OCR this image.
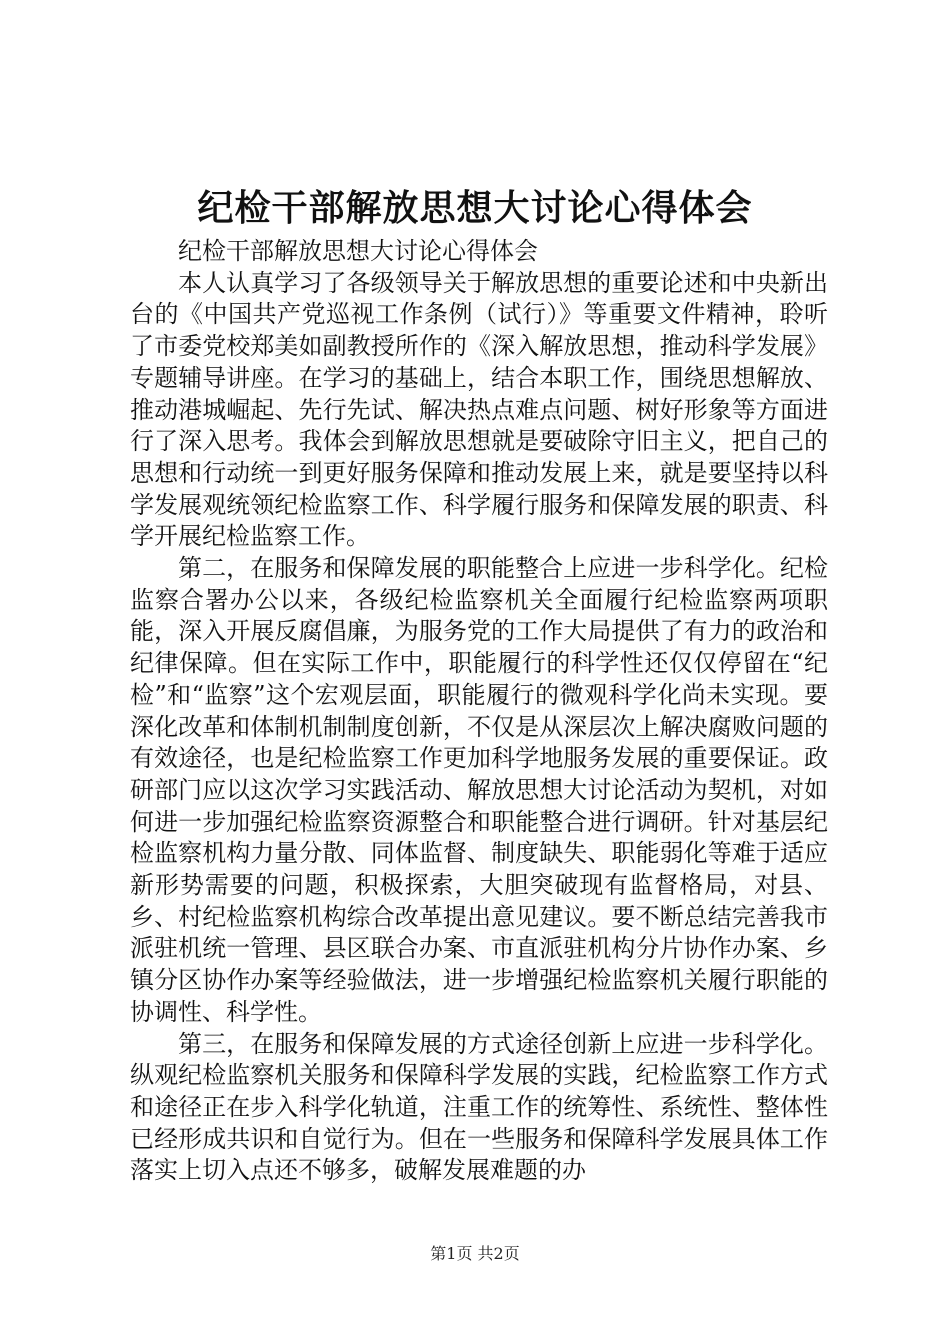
纪检干部解放思想大讨论心得体会

纪检干部解放思想大讨论心得体会

本人认真学习了各级领导关于解放思想的重要论述和中央新出台的《中国共产党巡视工作条例（试行）》等重要文件精神，聆听了市委党校郑美如副教授所作的《深入解放思想，推动科学发展》专题辅导讲座。在学习的基础上，结合本职工作，围绕思想解放、推动港城崛起、先行先试、解决热点难点问题、树好形象等方面进行了深入思考。我体会到解放思想就是要破除守旧主义，把自己的思想和行动统一到更好服务保障和推动发展上来，就是要坚持以科学发展观统领纪检监察工作、科学履行服务和保障发展的职责、科学开展纪检监察工作。

第二，在服务和保障发展的职能整合上应进一步科学化。纪检监察合署办公以来，各级纪检监察机关全面履行纪检监察两项职能，深入开展反腐倡廉，为服务党的工作大局提供了有力的政治和纪律保障。但在实际工作中，职能履行的科学性还仅仅停留在“纪检”和“监察”这个宏观层面，职能履行的微观科学化尚未实现。要深化改革和体制机制制度创新，不仅是从深层次上解决腐败问题的有效途径，也是纪检监察工作更加科学地服务发展的重要保证。政研部门应以这次学习实践活动、解放思想大讨论活动为契机，对如何进一步加强纪检监察资源整合和职能整合进行调研。针对基层纪检监察机构力量分散、同体监督、制度缺失、职能弱化等难于适应新形势需要的问题，积极探索，大胆突破现有监督格局，对县、乡、村纪检监察机构综合改革提出意见建议。要不断总结完善我市派驻机统一管理、县区联合办案、市直派驻机构分片协作办案、乡镇分区协作办案等经验做法，进一步增强纪检监察机关履行职能的协调性、科学性。

第三，在服务和保障发展的方式途径创新上应进一步科学化。纵观纪检监察机关服务和保障科学发展的实践，纪检监察工作方式和途径正在步入科学化轨道，注重工作的统筹性、系统性、整体性已经形成共识和自觉行为。但在一些服务和保障科学发展具体工作落实上切入点还不够多，破解发展难题的办

第1页 共2页
